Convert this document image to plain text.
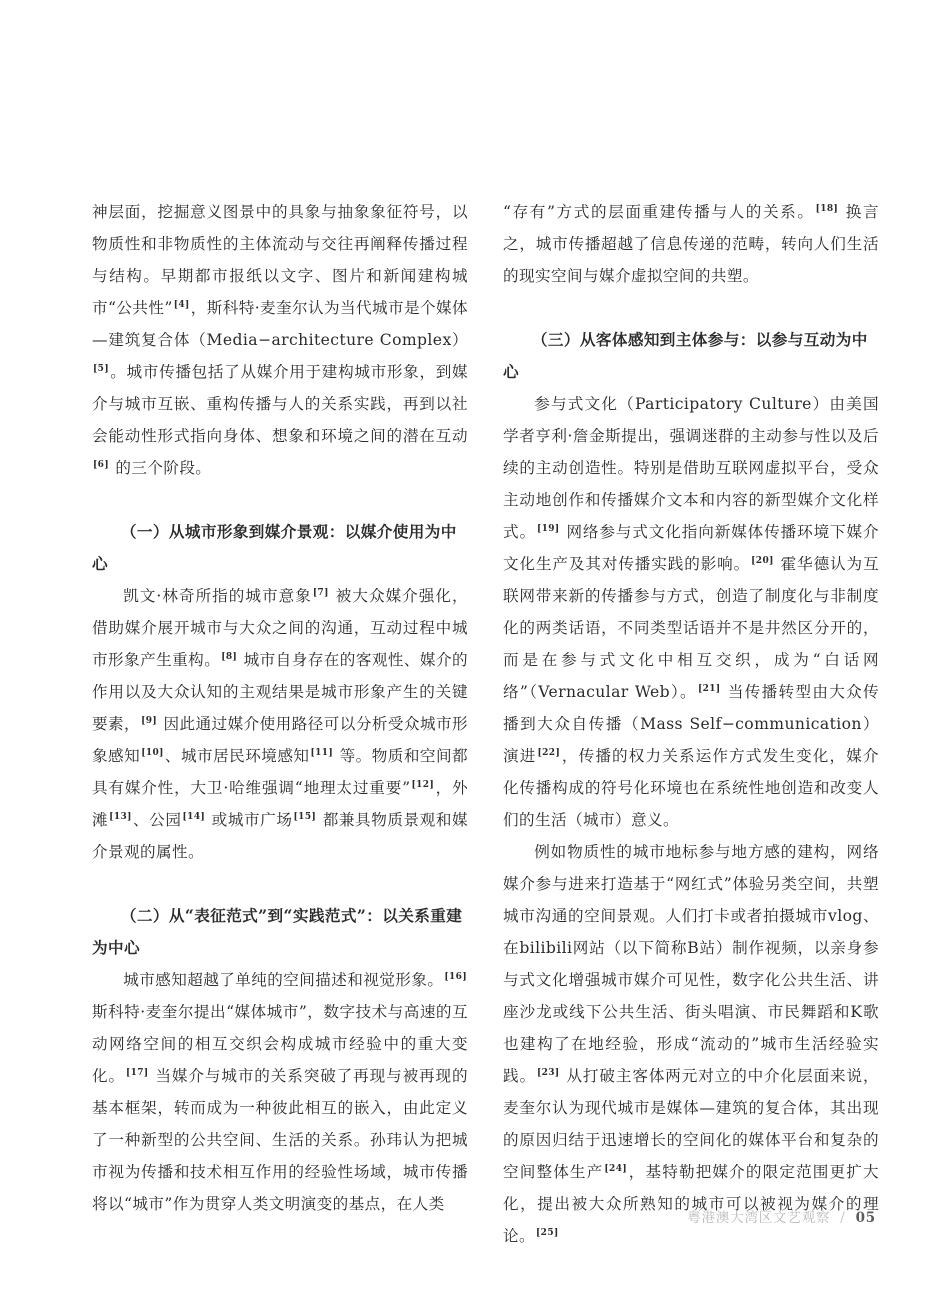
神层面，挖掘意义图景中的具象与抽象象征符号，以物质性和非物质性的主体流动与交往再阐释传播过程与结构。早期都市报纸以文字、图片和新闻建构城市“公共性”[4]，斯科特·麦奎尔认为当代城市是个媒体—建筑复合体（Media−architecture Complex）[5]。城市传播包括了从媒介用于建构城市形象，到媒介与城市互嵌、重构传播与人的关系实践，再到以社会能动性形式指向身体、想象和环境之间的潜在互动[6] 的三个阶段。

（一）从城市形象到媒介景观：以媒介使用为中心

凯文·林奇所指的城市意象[7] 被大众媒介强化，借助媒介展开城市与大众之间的沟通，互动过程中城市形象产生重构。[8] 城市自身存在的客观性、媒介的作用以及大众认知的主观结果是城市形象产生的关键要素，[9] 因此通过媒介使用路径可以分析受众城市形象感知[10]、城市居民环境感知[11] 等。物质和空间都具有媒介性，大卫·哈维强调“地理太过重要”[12]，外滩[13]、公园[14] 或城市广场[15] 都兼具物质景观和媒介景观的属性。

（二）从“表征范式”到“实践范式”：以关系重建为中心

城市感知超越了单纯的空间描述和视觉形象。[16] 斯科特·麦奎尔提出“媒体城市”，数字技术与高速的互动网络空间的相互交织会构成城市经验中的重大变化。[17] 当媒介与城市的关系突破了再现与被再现的基本框架，转而成为一种彼此相互的嵌入，由此定义了一种新型的公共空间、生活的关系。孙玮认为把城市视为传播和技术相互作用的经验性场域，城市传播将以“城市”作为贯穿人类文明演变的基点，在人类

“存有”方式的层面重建传播与人的关系。[18] 换言之，城市传播超越了信息传递的范畴，转向人们生活的现实空间与媒介虚拟空间的共塑。

（三）从客体感知到主体参与：以参与互动为中心

参与式文化（Participatory Culture）由美国学者亨利·詹金斯提出，强调迷群的主动参与性以及后续的主动创造性。特别是借助互联网虚拟平台，受众主动地创作和传播媒介文本和内容的新型媒介文化样式。[19] 网络参与式文化指向新媒体传播环境下媒介文化生产及其对传播实践的影响。[20] 霍华德认为互联网带来新的传播参与方式，创造了制度化与非制度化的两类话语，不同类型话语并不是井然区分开的，而是在参与式文化中相互交织，成为“白话网络”（Vernacular Web）。[21] 当传播转型由大众传播到大众自传播（Mass Self−communication）演进[22]，传播的权力关系运作方式发生变化，媒介化传播构成的符号化环境也在系统性地创造和改变人们的生活（城市）意义。

例如物质性的城市地标参与地方感的建构，网络媒介参与进来打造基于“网红式”体验另类空间，共塑城市沟通的空间景观。人们打卡或者拍摄城市vlog、在bilibili网站（以下简称B站）制作视频，以亲身参与式文化增强城市媒介可见性，数字化公共生活、讲座沙龙或线下公共生活、街头唱演、市民舞蹈和K歌也建构了在地经验，形成“流动的”城市生活经验实践。[23] 从打破主客体两元对立的中介化层面来说，麦奎尔认为现代城市是媒体—建筑的复合体，其出现的原因归结于迅速增长的空间化的媒体平台和复杂的空间整体生产[24]，基特勒把媒介的限定范围更扩大化，提出被大众所熟知的城市可以被视为媒介的理论。[25]

粤港澳大湾区文艺观察 / 05
